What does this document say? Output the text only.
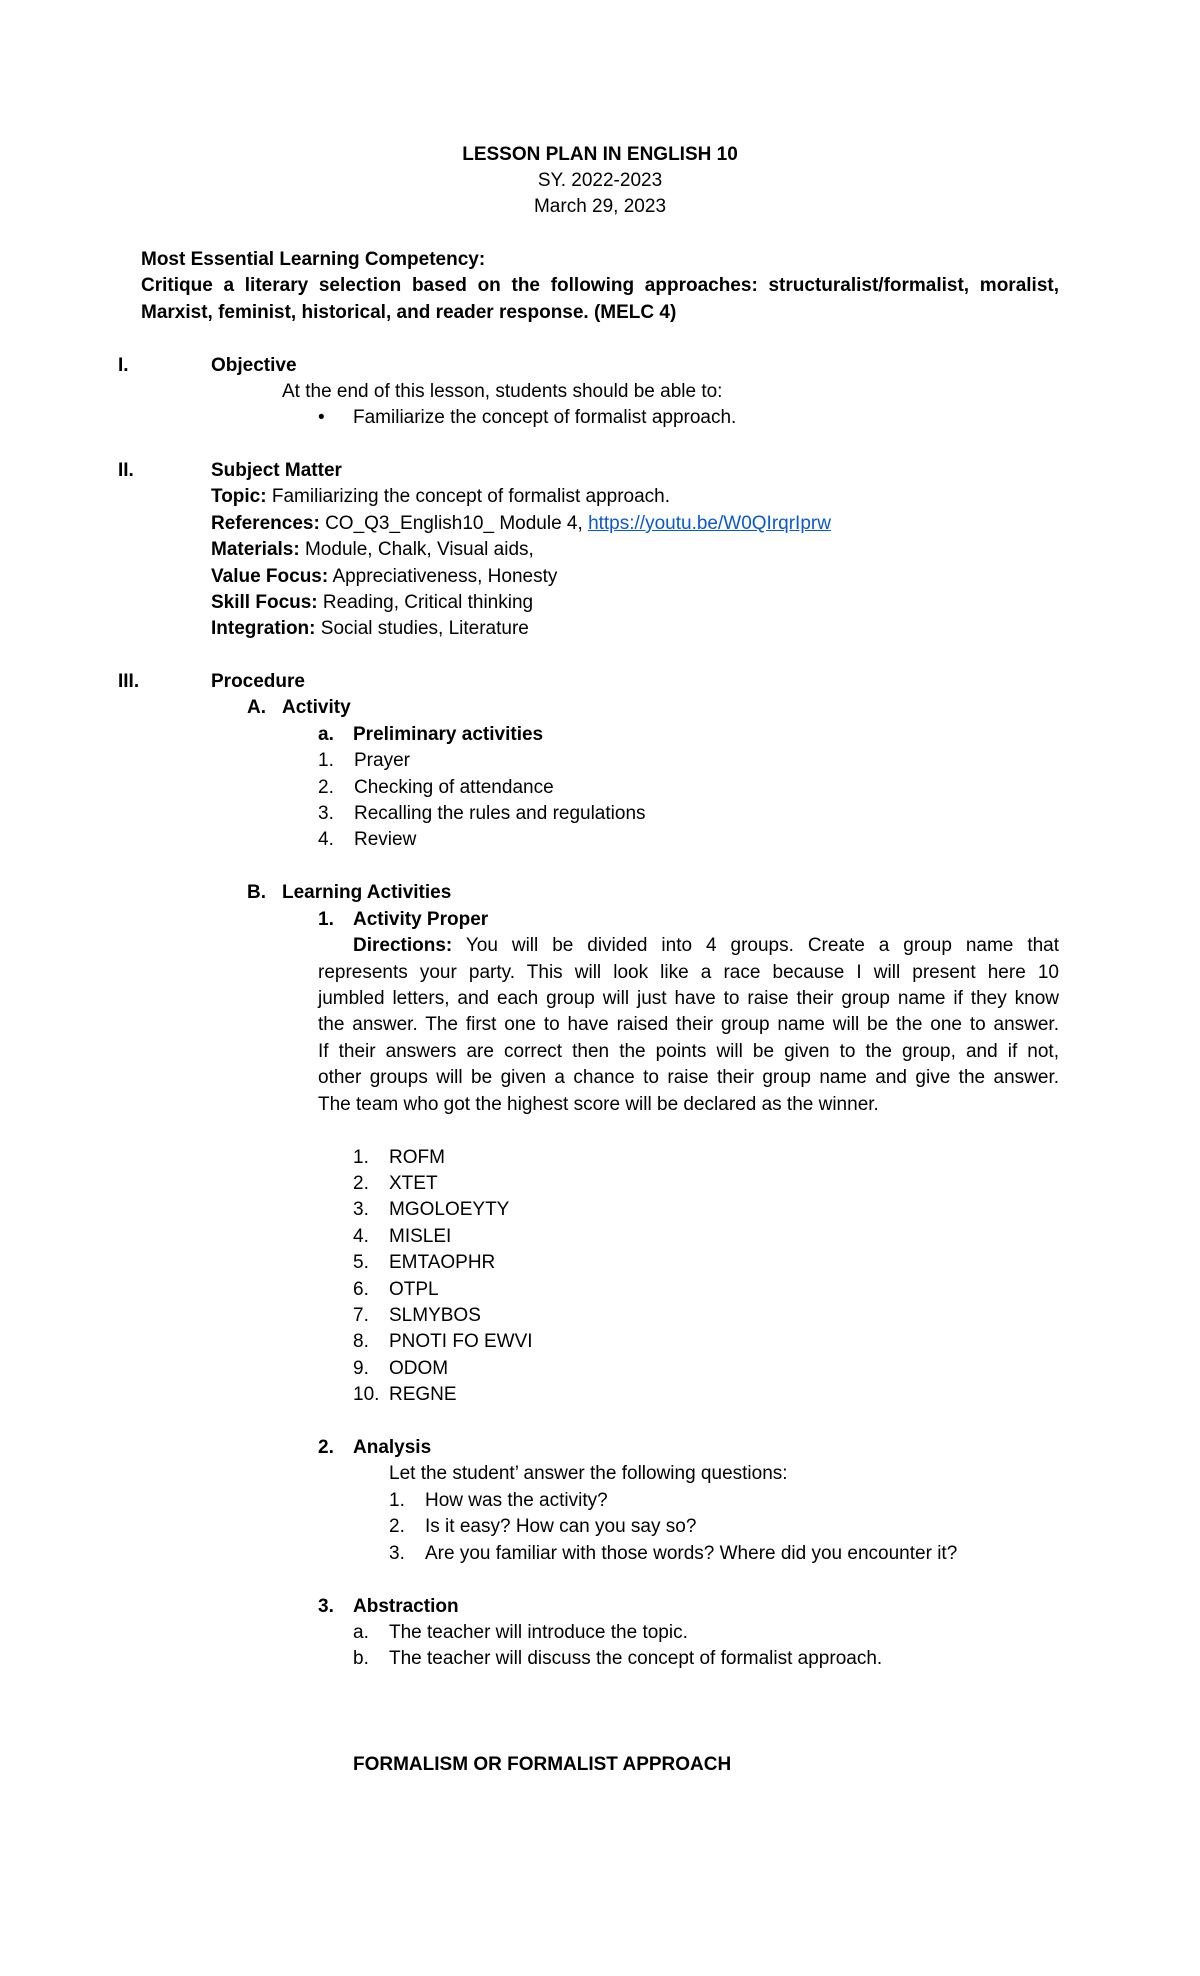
LESSON PLAN IN ENGLISH 10
SY. 2022-2023
March 29, 2023
Most Essential Learning Competency:
Critique a literary selection based on the following approaches: structuralist/formalist, moralist,
Marxist, feminist, historical, and reader response. (MELC 4)
I.	Objective
At the end of this lesson, students should be able to:
• Familiarize the concept of formalist approach.
II.	Subject Matter
Topic: Familiarizing the concept of formalist approach.
References: CO_Q3_English10_ Module 4, https://youtu.be/W0QIrqrIprw
Materials: Module, Chalk, Visual aids,
Value Focus: Appreciativeness, Honesty
Skill Focus: Reading, Critical thinking
Integration: Social studies, Literature
III.	Procedure
A. Activity
a. Preliminary activities
1. Prayer
2. Checking of attendance
3. Recalling the rules and regulations
4. Review
B. Learning Activities
1. Activity Proper
Directions: You will be divided into 4 groups. Create a group name that
represents your party. This will look like a race because I will present here 10
jumbled letters, and each group will just have to raise their group name if they know
the answer. The first one to have raised their group name will be the one to answer.
If their answers are correct then the points will be given to the group, and if not,
other groups will be given a chance to raise their group name and give the answer.
The team who got the highest score will be declared as the winner.
1. ROFM
2. XTET
3. MGOLOEYTY
4. MISLEI
5. EMTAOPHR
6. OTPL
7. SLMYBOS
8. PNOTI FO EWVI
9. ODOM
10. REGNE
2. Analysis
Let the student’ answer the following questions:
1. How was the activity?
2. Is it easy? How can you say so?
3. Are you familiar with those words? Where did you encounter it?
3. Abstraction
a. The teacher will introduce the topic.
b. The teacher will discuss the concept of formalist approach.
FORMALISM OR FORMALIST APPROACH
